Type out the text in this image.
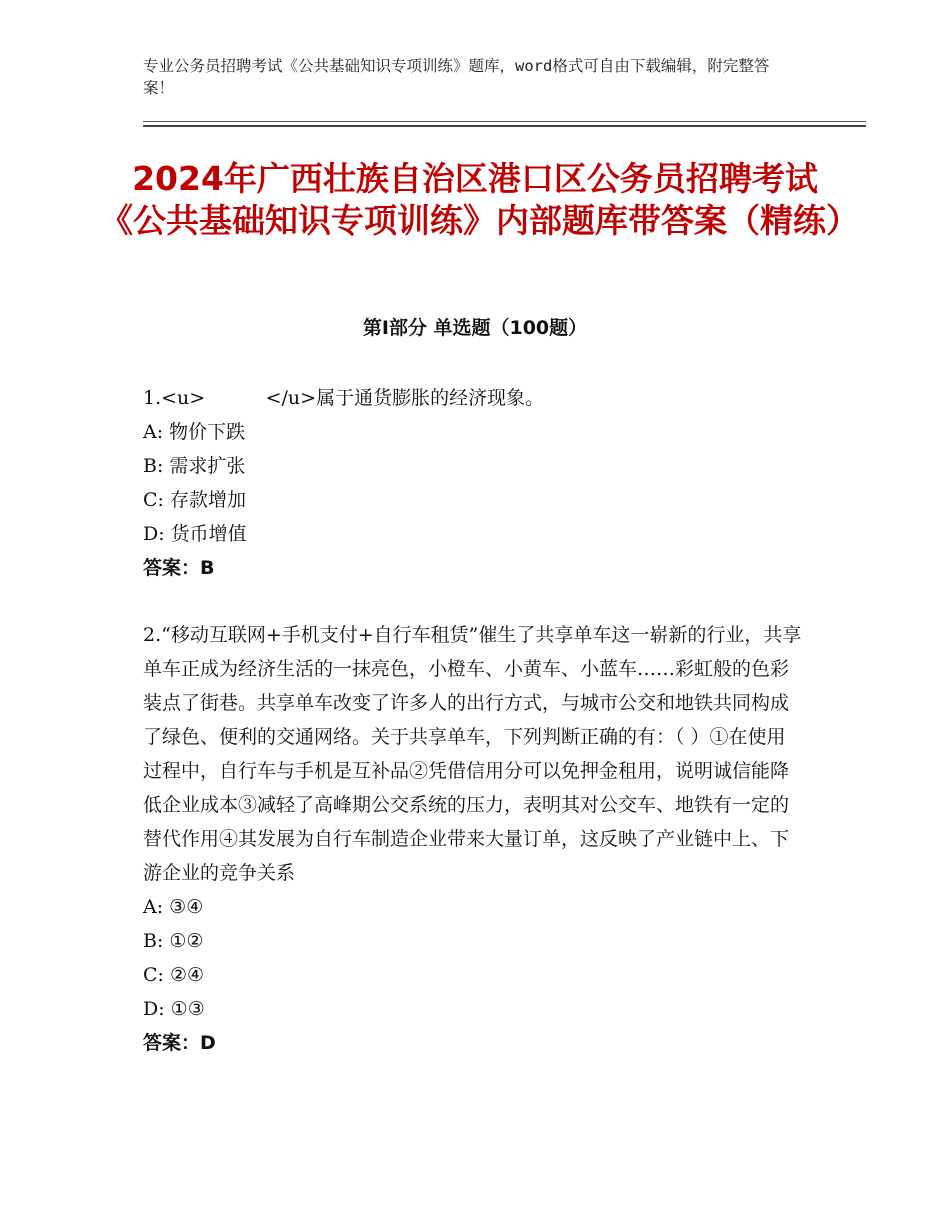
专业公务员招聘考试《公共基础知识专项训练》题库，word格式可自由下载编辑，附完整答案！
2024年广西壮族自治区港口区公务员招聘考试《公共基础知识专项训练》内部题库带答案（精练）
第Ⅰ部分 单选题（100题）
1.<u>          </u>属于通货膨胀的经济现象。
A: 物价下跌
B: 需求扩张
C: 存款增加
D: 货币增值
答案：B
2.“移动互联网+手机支付+自行车租赁”催生了共享单车这一崭新的行业，共享单车正成为经济生活的一抹亮色，小橙车、小黄车、小蓝车……彩虹般的色彩装点了街巷。共享单车改变了许多人的出行方式，与城市公交和地铁共同构成了绿色、便利的交通网络。关于共享单车，下列判断正确的有：（ ）①在使用过程中，自行车与手机是互补品②凭借信用分可以免押金租用，说明诚信能降低企业成本③减轻了高峰期公交系统的压力，表明其对公交车、地铁有一定的替代作用④其发展为自行车制造企业带来大量订单，这反映了产业链中上、下游企业的竞争关系
A: ③④
B: ①②
C: ②④
D: ①③
答案：D
